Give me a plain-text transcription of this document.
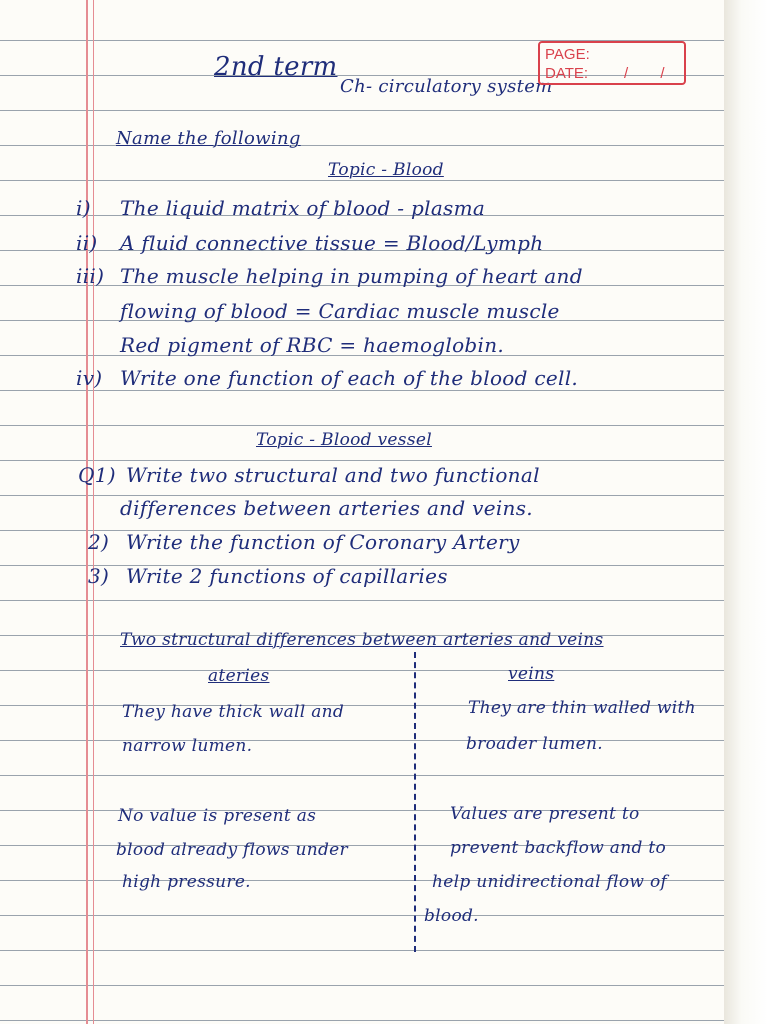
2nd term
Ch- circulatory system
PAGE:
DATE: / /
Name the following
Topic - Blood
i) The liquid matrix of blood - plasma
ii) A fluid connective tissue = Blood/Lymph
iii) The muscle helping in pumping of heart and
flowing of blood = Cardiac muscle muscle
Red pigment of RBC = haemoglobin.
iv) Write one function of each of the blood cell.
Topic - Blood vessel
Q1) Write two structural and two functional
differences between arteries and veins.
2) Write the function of Coronary Artery
3) Write 2 functions of capillaries
Two structural differences between arteries and veins
ateries	veins
They have thick wall and
narrow lumen.
No value is present as
blood already flows under
high pressure.
They are thin walled with
broader lumen.
Values are present to
prevent backflow and to
help unidirectional flow of
blood.
